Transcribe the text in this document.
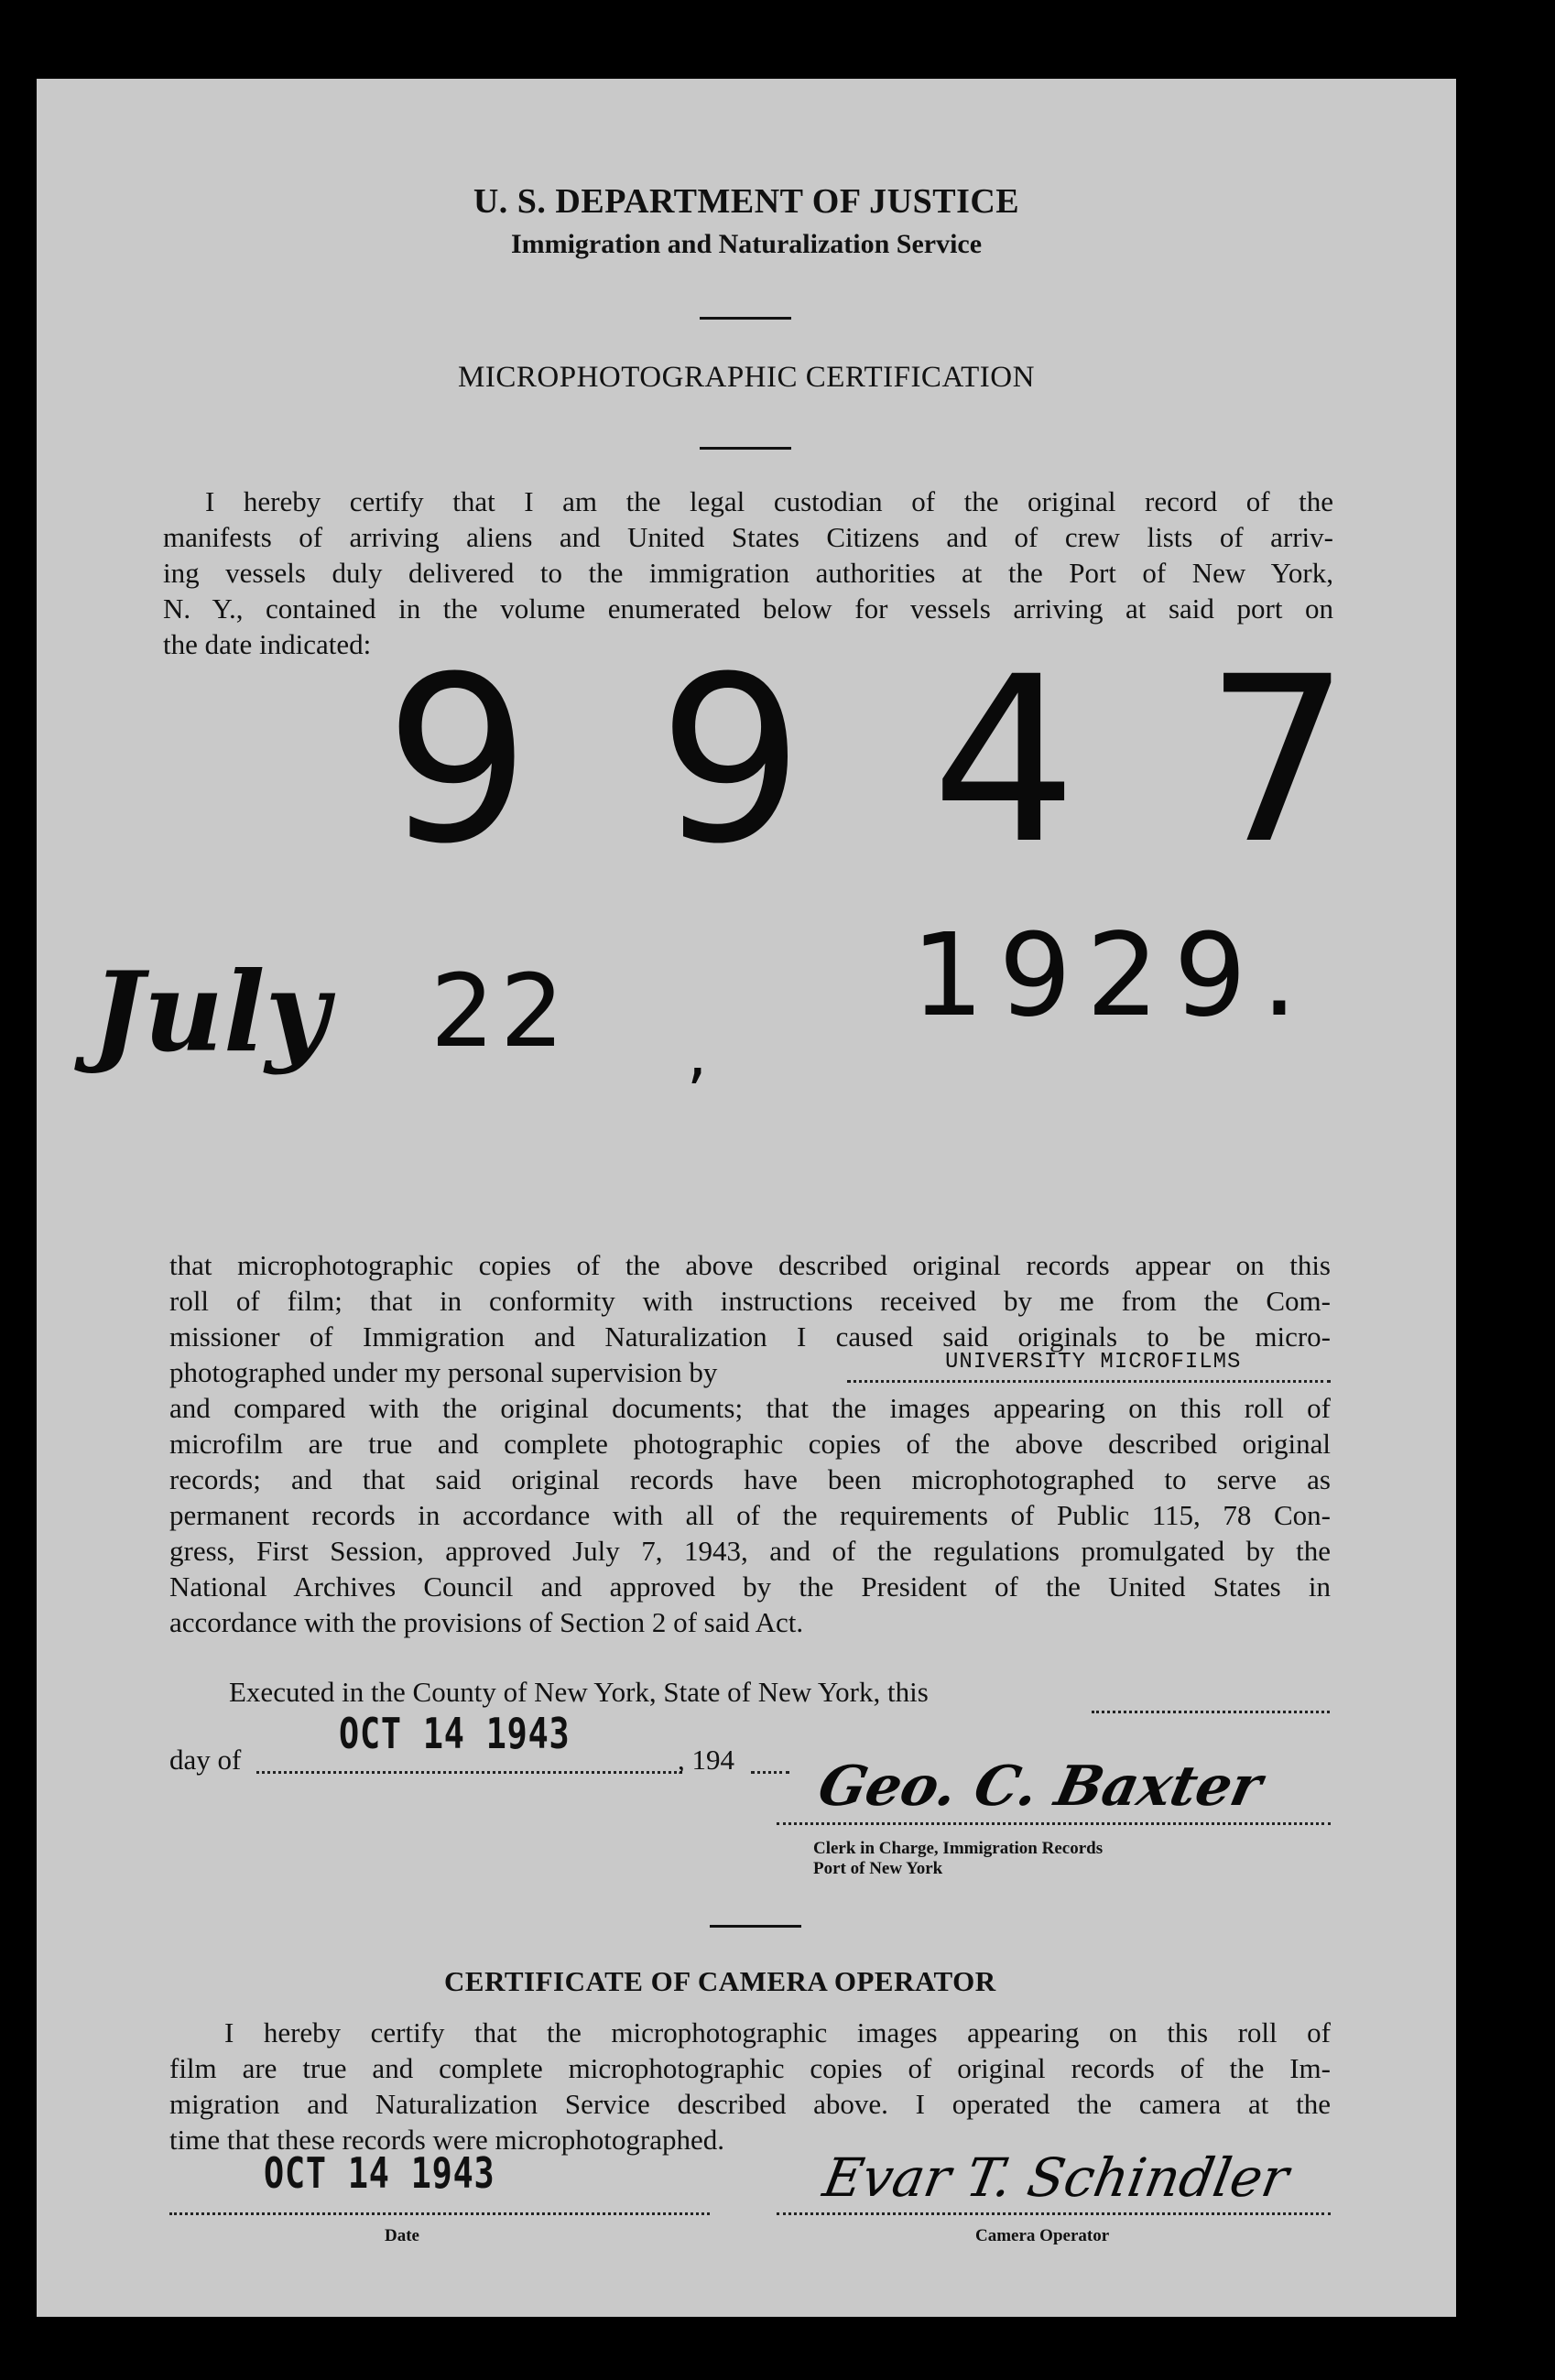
U. S. DEPARTMENT OF JUSTICE
Immigration and Naturalization Service
MICROPHOTOGRAPHIC CERTIFICATION
I hereby certify that I am the legal custodian of the original record of the
manifests of arriving aliens and United States Citizens and of crew lists of arriv-
ing vessels duly delivered to the immigration authorities at the Port of New York,
N. Y., contained in the volume enumerated below for vessels arriving at said port on
the date indicated: 9 9 4 7
July 22 ,
1929.
that microphotographic copies of the above described original records appear on this
roll of film; that in conformity with instructions received by me from the Com-
missioner of Immigration and Naturalization I caused said originals to be micro-
photographed under my personal supervision by
and compared with the original documents; that the images appearing on this roll of
microfilm are true and complete photographic copies of the above described original
records; and that said original records have been microphotographed to serve as
permanent records in accordance with all of the requirements of Public 115, 78 Con-
gress, First Session, approved July 7, 1943, and of the regulations promulgated by the
National Archives Council and approved by the President of the United States in
accordance with the provisions of Section 2 of said Act.
UNIVERSITY MICROFILMS
Executed in the County of New York, State of New York, this
day of	, 194
OCT 14 1943
Geo. C. Baxter
Clerk in Charge, Immigration Records
Port of New York
CERTIFICATE OF CAMERA OPERATOR
I hereby certify that the microphotographic images appearing on this roll of
film are true and complete microphotographic copies of original records of the Im-
migration and Naturalization Service described above. I operated the camera at the
time that these records were microphotographed.
OCT 14 1943
Date
Evar T. Schindler
Camera Operator
